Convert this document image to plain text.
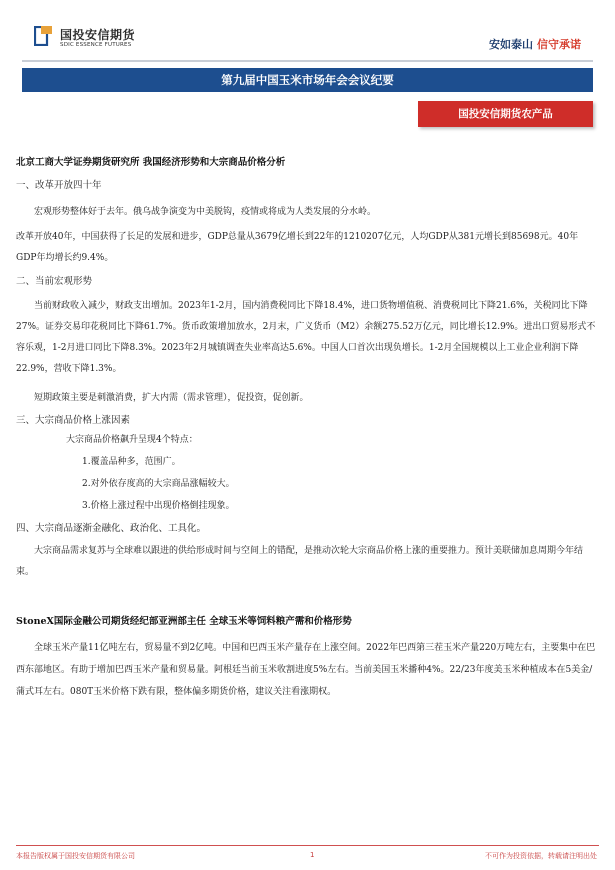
国投安信期货
SDIC ESSENCE FUTURES	安如泰山 信守承诺
第九届中国玉米市场年会会议纪要
国投安信期货农产品
北京工商大学证券期货研究所 我国经济形势和大宗商品价格分析
一、改革开放四十年
宏观形势整体好于去年。俄乌战争演变为中美脱钩，疫情或将成为人类发展的分水岭。
改革开放40年，中国获得了长足的发展和进步，GDP总量从3679亿增长到22年的1210207亿元，人均GDP从381元增长到85698元。40年GDP年均增长约9.4%。
二、当前宏观形势
当前财政收入减少，财政支出增加。2023年1-2月，国内消费税同比下降18.4%，进口货物增值税、消费税同比下降21.6%，关税同比下降27%。证券交易印花税同比下降61.7%。货币政策增加放水，2月末，广义货币（M2）余额275.52万亿元，同比增长12.9%。进出口贸易形式不容乐观，1-2月进口同比下降8.3%。2023年2月城镇调查失业率高达5.6%。中国人口首次出现负增长。1-2月全国规模以上工业企业利润下降22.9%，营收下降1.3%。
短期政策主要是刺激消费，扩大内需（需求管理），促投资，促创新。
三、大宗商品价格上涨因素
大宗商品价格飙升呈现4个特点：
1.覆盖品种多，范围广。
2.对外依存度高的大宗商品涨幅较大。
3.价格上涨过程中出现价格倒挂现象。
四、大宗商品逐渐金融化、政治化、工具化。
大宗商品需求复苏与全球难以跟进的供给形成时间与空间上的错配，是推动次轮大宗商品价格上涨的重要推力。预计美联储加息周期今年结束。
StoneX国际金融公司期货经纪部亚洲部主任 全球玉米等饲料粮产需和价格形势
全球玉米产量11亿吨左右，贸易量不到2亿吨。中国和巴西玉米产量存在上涨空间。2022年巴西第三茬玉米产量220万吨左右，主要集中在巴西东部地区。有助于增加巴西玉米产量和贸易量。阿根廷当前玉米收割进度5%左右。当前美国玉米播种4%。22/23年度美玉米种植成本在5美金/蒲式耳左右。080T玉米价格下跌有限，整体偏多期货价格，建议关注看涨期权。
本报告版权属于国投安信期货有限公司	1	不可作为投资依据，转载请注明出处
